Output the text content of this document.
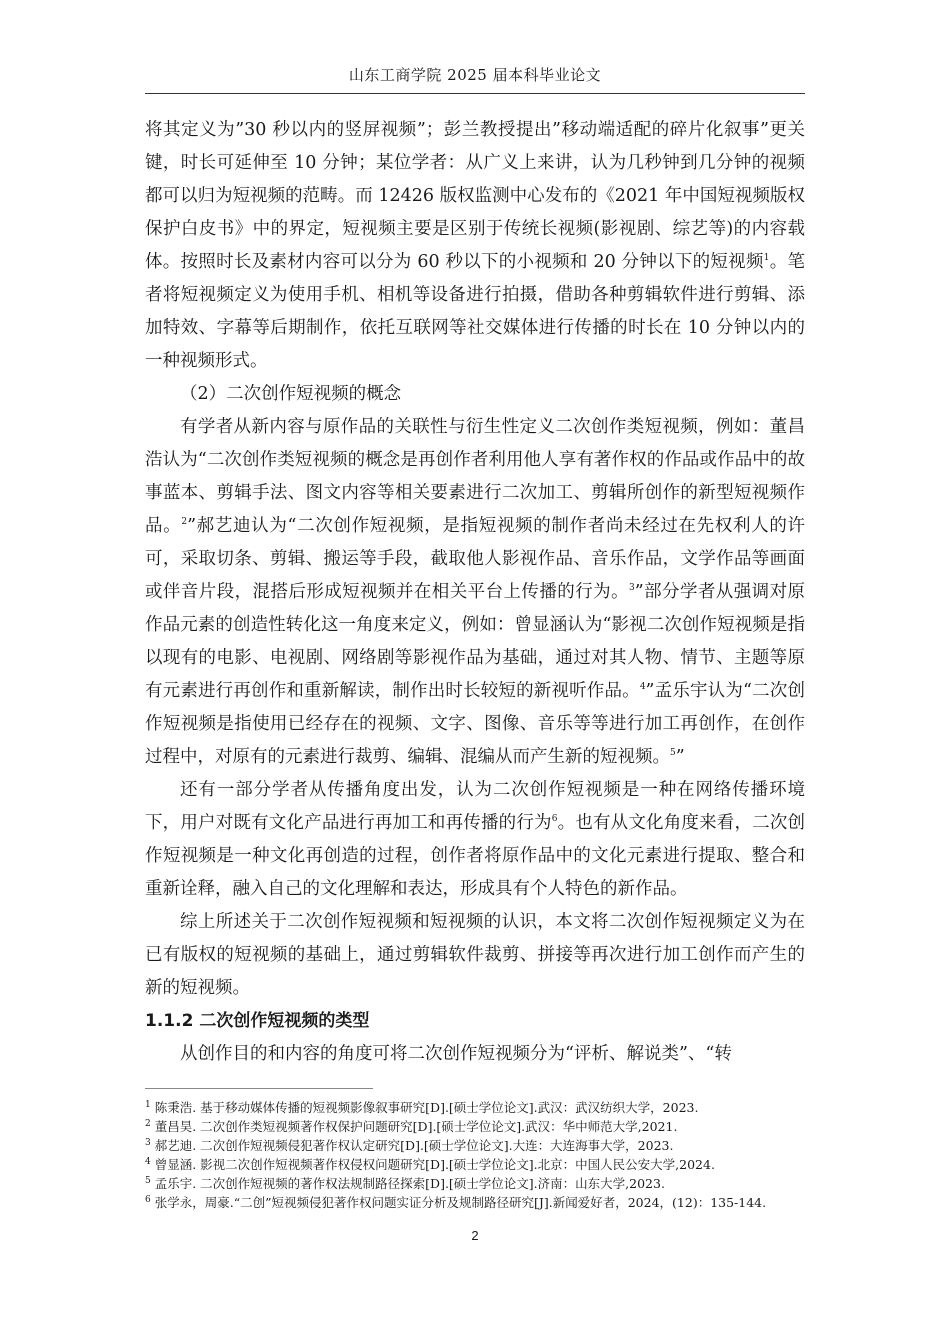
山东工商学院 2025 届本科毕业论文

将其定义为”30 秒以内的竖屏视频”；彭兰教授提出”移动端适配的碎片化叙事”更关键，时长可延伸至 10 分钟；某位学者：从广义上来讲，认为几秒钟到几分钟的视频都可以归为短视频的范畴。而 12426 版权监测中心发布的《2021 年中国短视频版权保护白皮书》中的界定，短视频主要是区别于传统长视频(影视剧、综艺等)的内容载体。按照时长及素材内容可以分为 60 秒以下的小视频和 20 分钟以下的短视频$^1$。笔者将短视频定义为使用手机、相机等设备进行拍摄，借助各种剪辑软件进行剪辑、添加特效、字幕等后期制作，依托互联网等社交媒体进行传播的时长在 10 分钟以内的一种视频形式。

（2）二次创作短视频的概念

有学者从新内容与原作品的关联性与衍生性定义二次创作类短视频，例如：董昌浩认为“二次创作类短视频的概念是再创作者利用他人享有著作权的作品或作品中的故事蓝本、剪辑手法、图文内容等相关要素进行二次加工、剪辑所创作的新型短视频作品。$^2$”郝艺迪认为“二次创作短视频，是指短视频的制作者尚未经过在先权利人的许可，采取切条、剪辑、搬运等手段，截取他人影视作品、音乐作品，文学作品等画面或伴音片段，混搭后形成短视频并在相关平台上传播的行为。$^3$”部分学者从强调对原作品元素的创造性转化这一角度来定义，例如：曾显涵认为“影视二次创作短视频是指以现有的电影、电视剧、网络剧等影视作品为基础，通过对其人物、情节、主题等原有元素进行再创作和重新解读，制作出时长较短的新视听作品。$^4$”孟乐宇认为“二次创作短视频是指使用已经存在的视频、文字、图像、音乐等等进行加工再创作，在创作过程中，对原有的元素进行裁剪、编辑、混编从而产生新的短视频。$^5$”

还有一部分学者从传播角度出发，认为二次创作短视频是一种在网络传播环境下，用户对既有文化产品进行再加工和再传播的行为$^6$。也有从文化角度来看，二次创作短视频是一种文化再创造的过程，创作者将原作品中的文化元素进行提取、整合和重新诠释，融入自己的文化理解和表达，形成具有个人特色的新作品。

综上所述关于二次创作短视频和短视频的认识，本文将二次创作短视频定义为在已有版权的短视频的基础上，通过剪辑软件裁剪、拼接等再次进行加工创作而产生的新的短视频。

1.1.2 二次创作短视频的类型

从创作目的和内容的角度可将二次创作短视频分为“评析、解说类”、“转

$^1$ 陈秉浩. 基于移动媒体传播的短视频影像叙事研究[D].[硕士学位论文].武汉：武汉纺织大学，2023.
$^2$ 董昌昊. 二次创作类短视频著作权保护问题研究[D].[硕士学位论文].武汉：华中师范大学,2021.
$^3$ 郝艺迪. 二次创作短视频侵犯著作权认定研究[D].[硕士学位论文].大连：大连海事大学，2023.
$^4$ 曾显涵. 影视二次创作短视频著作权侵权问题研究[D].[硕士学位论文].北京：中国人民公安大学,2024.
$^5$ 孟乐宇. 二次创作短视频的著作权法规制路径探索[D].[硕士学位论文].济南：山东大学,2023.
$^6$ 张学永，周豪.“二创”短视频侵犯著作权问题实证分析及规制路径研究[J].新闻爱好者，2024，(12)：135-144.
2
